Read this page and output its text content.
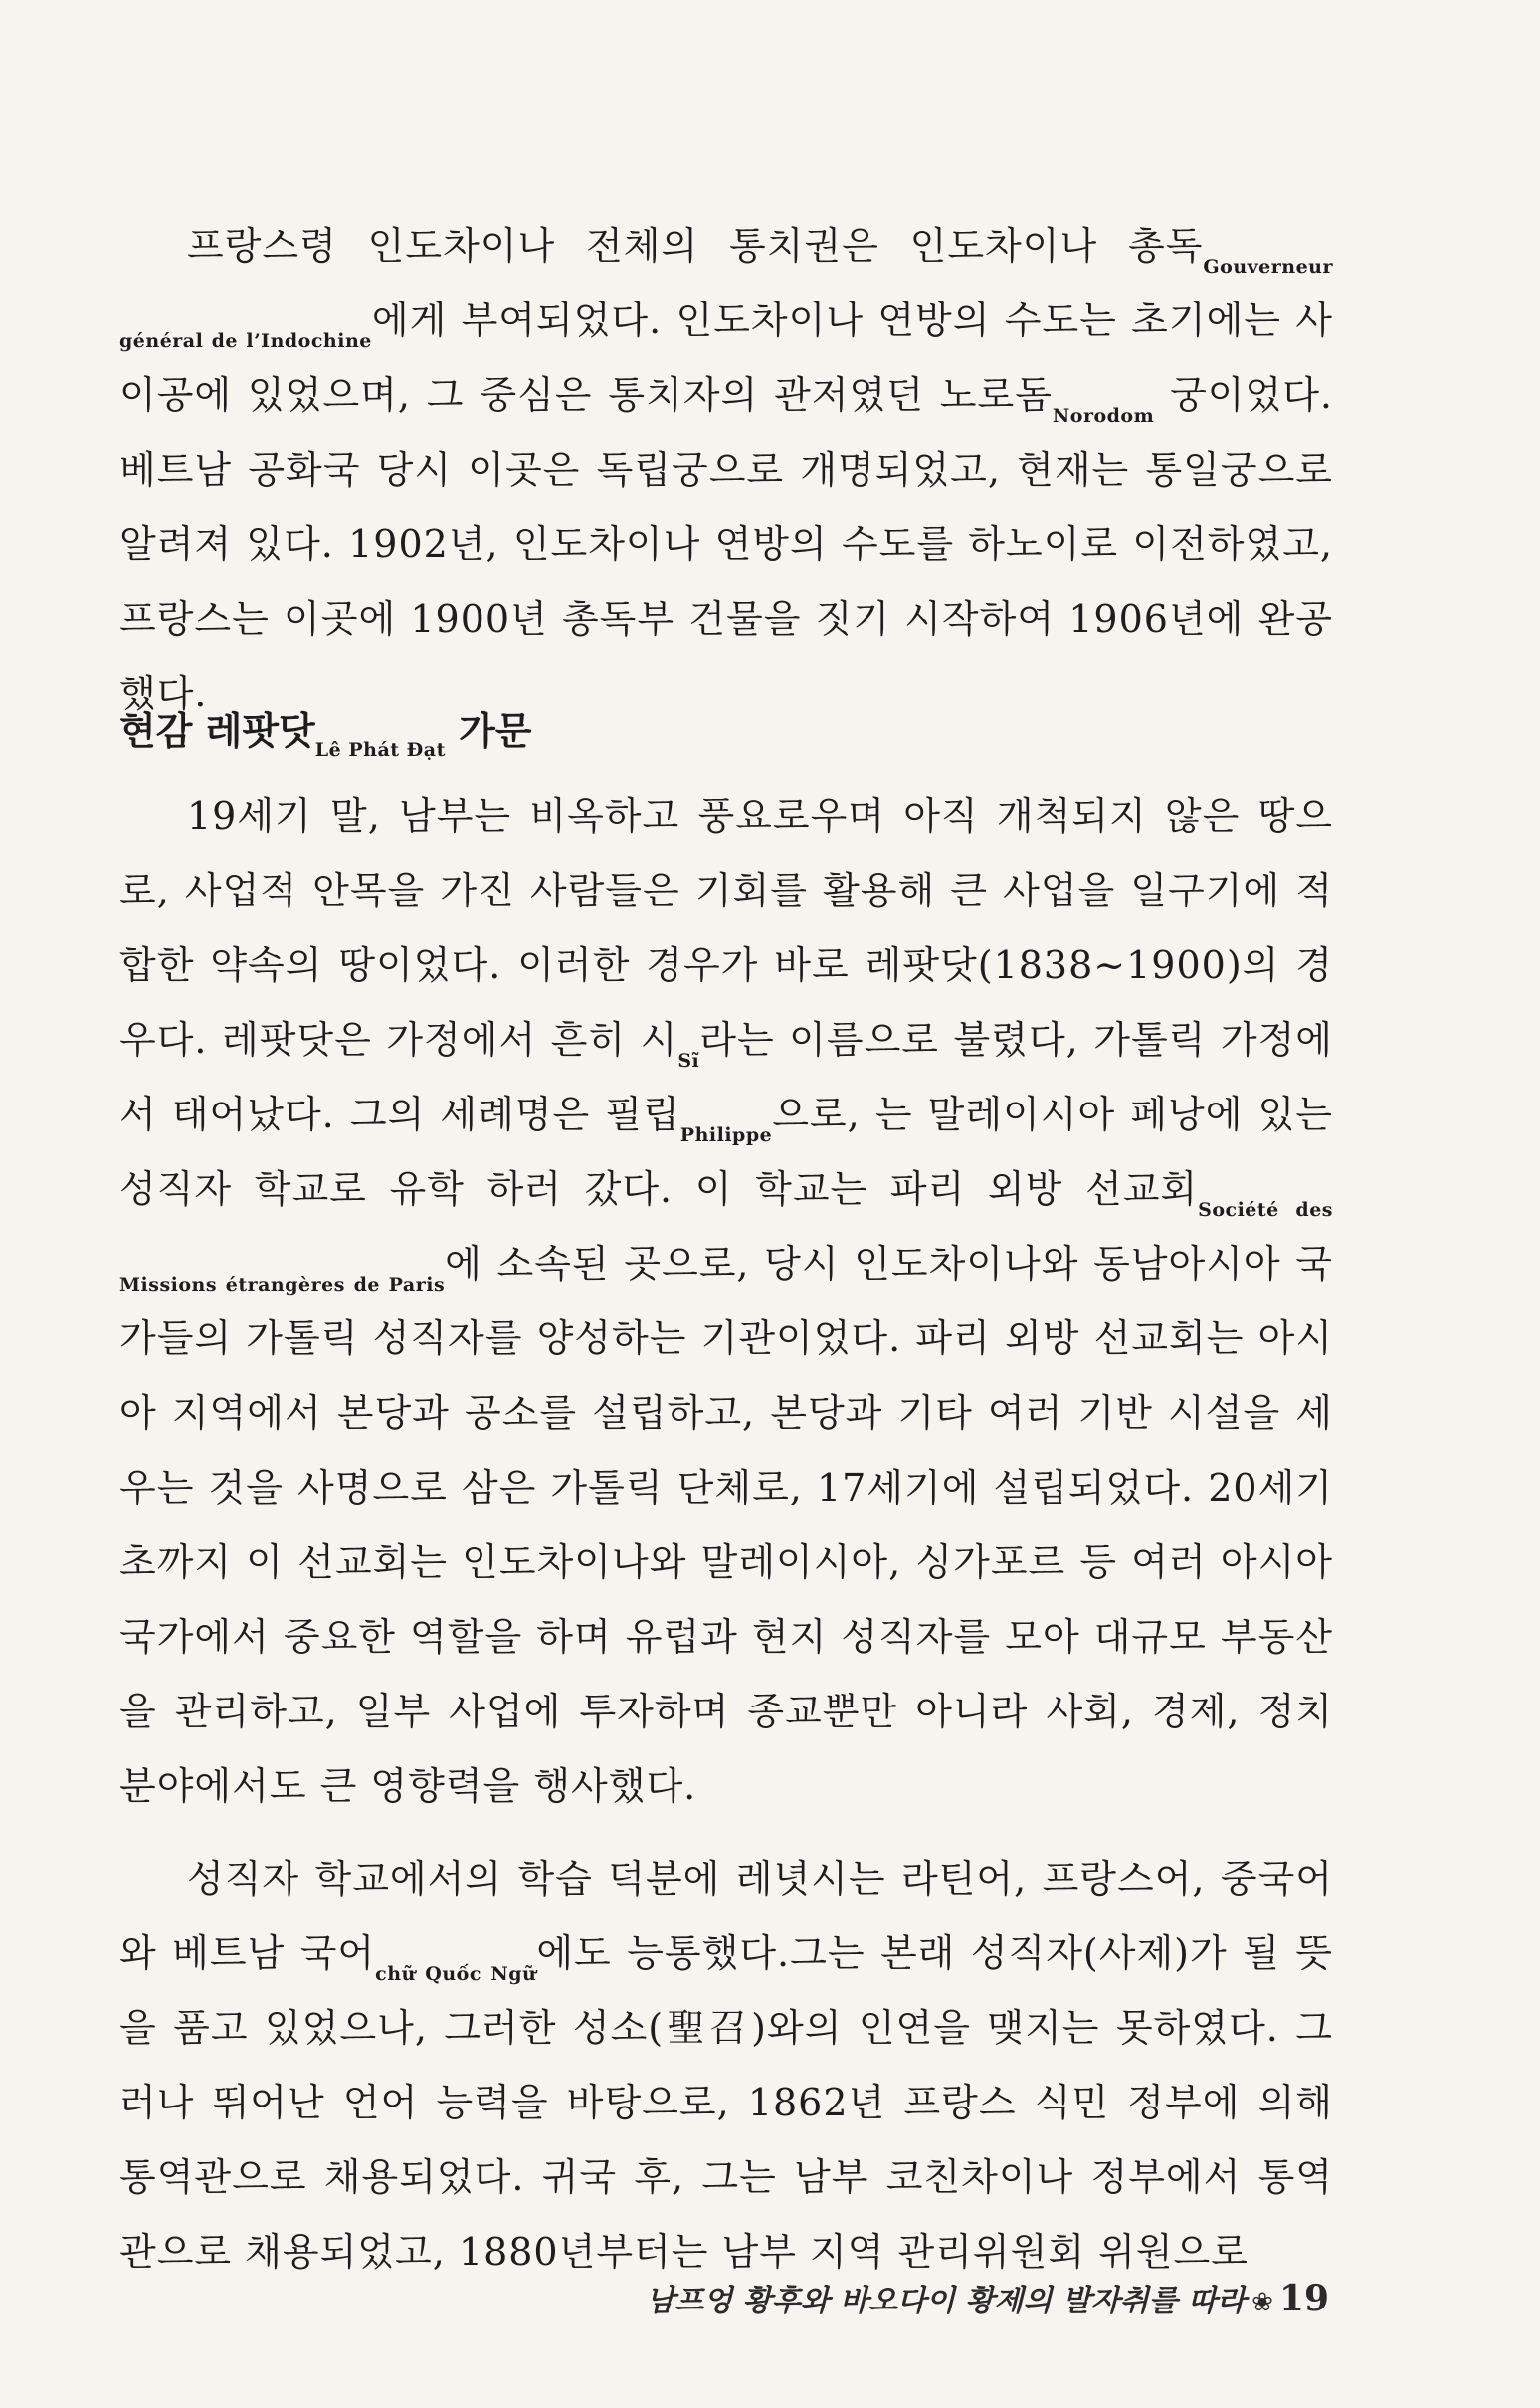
프랑스령 인도차이나 전체의 통치권은 인도차이나 총독$_{Gouverneur général de l’Indochine}$에게 부여되었다. 인도차이나 연방의 수도는 초기에는 사이공에 있었으며, 그 중심은 통치자의 관저였던 노로돔$_{Norodom}$ 궁이었다. 베트남 공화국 당시 이곳은 독립궁으로 개명되었고, 현재는 통일궁으로 알려져 있다. 1902년, 인도차이나 연방의 수도를 하노이로 이전하였고, 프랑스는 이곳에 1900년 총독부 건물을 짓기 시작하여 1906년에 완공했다.

현감 레팟닷$_{Lê Phát Đạt}$ 가문

19세기 말, 남부는 비옥하고 풍요로우며 아직 개척되지 않은 땅으로, 사업적 안목을 가진 사람들은 기회를 활용해 큰 사업을 일구기에 적합한 약속의 땅이었다. 이러한 경우가 바로 레팟닷(1838~1900)의 경우다. 레팟닷은 가정에서 흔히 시$_{Sĩ}$라는 이름으로 불렸다, 가톨릭 가정에서 태어났다. 그의 세례명은 필립$_{Philippe}$으로, 는 말레이시아 페낭에 있는 성직자 학교로 유학 하러 갔다. 이 학교는 파리 외방 선교회$_{Société des Missions étrangères de Paris}$에 소속된 곳으로, 당시 인도차이나와 동남아시아 국가들의 가톨릭 성직자를 양성하는 기관이었다. 파리 외방 선교회는 아시아 지역에서 본당과 공소를 설립하고, 본당과 기타 여러 기반 시설을 세우는 것을 사명으로 삼은 가톨릭 단체로, 17세기에 설립되었다. 20세기 초까지 이 선교회는 인도차이나와 말레이시아, 싱가포르 등 여러 아시아 국가에서 중요한 역할을 하며 유럽과 현지 성직자를 모아 대규모 부동산을 관리하고, 일부 사업에 투자하며 종교뿐만 아니라 사회, 경제, 정치 분야에서도 큰 영향력을 행사했다.

성직자 학교에서의 학습 덕분에 레녓시는 라틴어, 프랑스어, 중국어와 베트남 국어$_{chữ Quốc Ngữ}$에도 능통했다.그는 본래 성직자(사제)가 될 뜻을 품고 있었으나, 그러한 성소(聖召)와의 인연을 맺지는 못하였다. 그러나 뛰어난 언어 능력을 바탕으로, 1862년 프랑스 식민 정부에 의해 통역관으로 채용되었다. 귀국 후, 그는 남부 코친차이나 정부에서 통역관으로 채용되었고, 1880년부터는 남부 지역 관리위원회 위원으로

남프엉 황후와 바오다이 황제의 발자취를 따라 ❀ 19
